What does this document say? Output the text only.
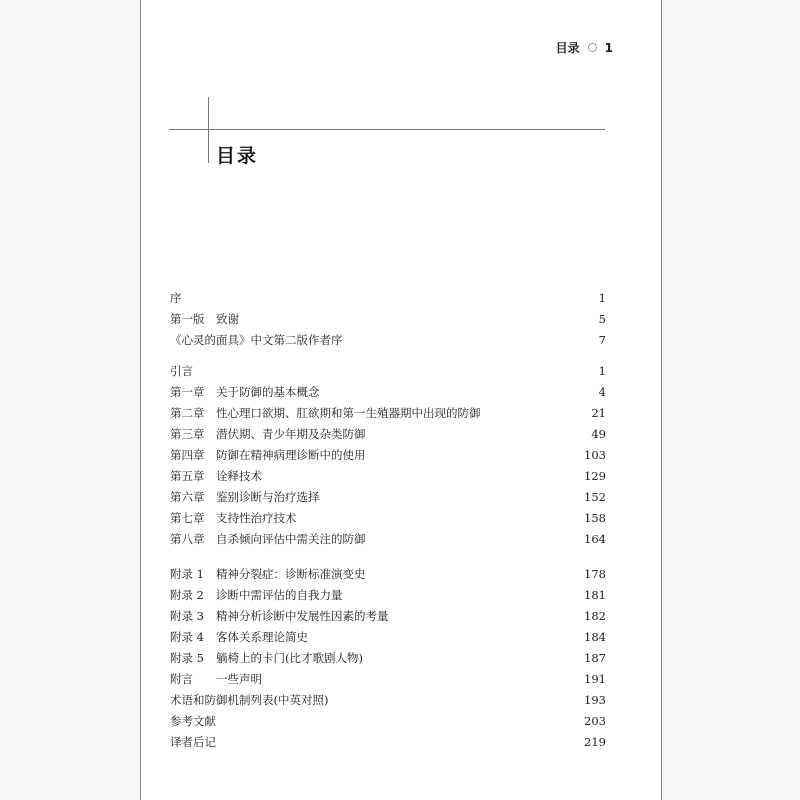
目录 1
目录
序	1
第一版 致谢	5
《心灵的面具》中文第二版作者序	7
引言	1
第一章 关于防御的基本概念	4
第二章 性心理口欲期、肛欲期和第一生殖器期中出现的防御	21
第三章 潜伏期、青少年期及杂类防御	49
第四章 防御在精神病理诊断中的使用	103
第五章 诠释技术	129
第六章 鉴别诊断与治疗选择	152
第七章 支持性治疗技术	158
第八章 自杀倾向评估中需关注的防御	164
附录 1 精神分裂症：诊断标准演变史	178
附录 2 诊断中需评估的自我力量	181
附录 3 精神分析诊断中发展性因素的考量	182
附录 4 客体关系理论简史	184
附录 5 躺椅上的卡门(比才歌剧人物)	187
附言 一些声明	191
术语和防御机制列表(中英对照)	193
参考文献	203
译者后记	219
